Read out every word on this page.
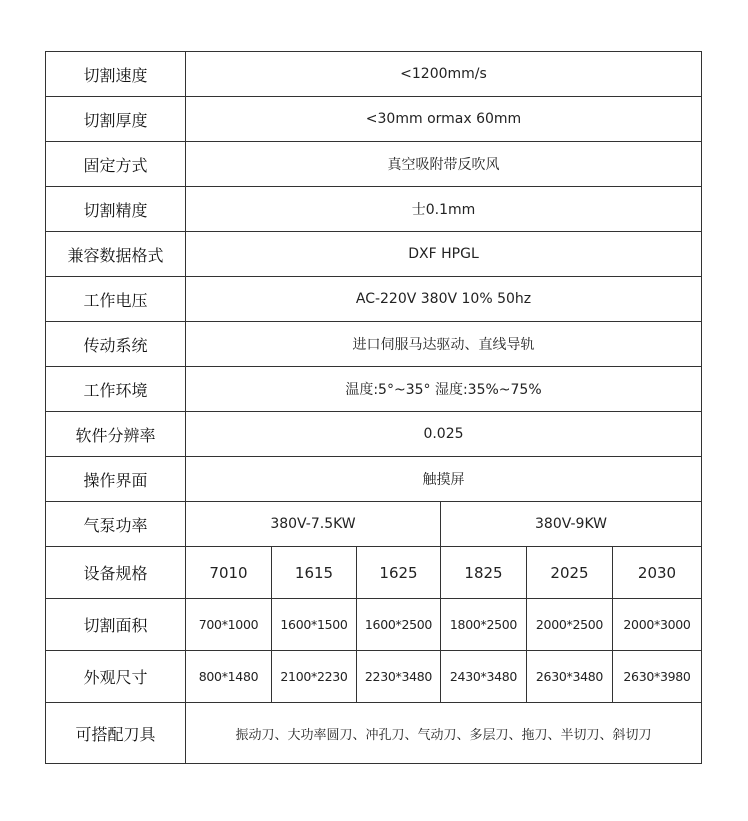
切割速度	<1200mm/s					
切割厚度	<30mm ormax 60mm					
固定方式	真空吸附带反吹风					
切割精度	士0.1mm					
兼容数据格式	DXF HPGL					
工作电压	AC-220V 380V 10% 50hz					
传动系统	进口伺服马达驱动、直线导轨					
工作环境	温度:5°~35° 湿度:35%~75%					
软件分辨率	0.025					
操作界面	触摸屏					
气泵功率	380V-7.5KW			380V-9KW		
设备规格	7010	1615	1625	1825	2025	2030
切割面积	700*1000	1600*1500	1600*2500	1800*2500	2000*2500	2000*3000
外观尺寸	800*1480	2100*2230	2230*3480	2430*3480	2630*3480	2630*3980
可搭配刀具	振动刀、大功率圆刀、冲孔刀、气动刀、多层刀、拖刀、半切刀、斜切刀					
